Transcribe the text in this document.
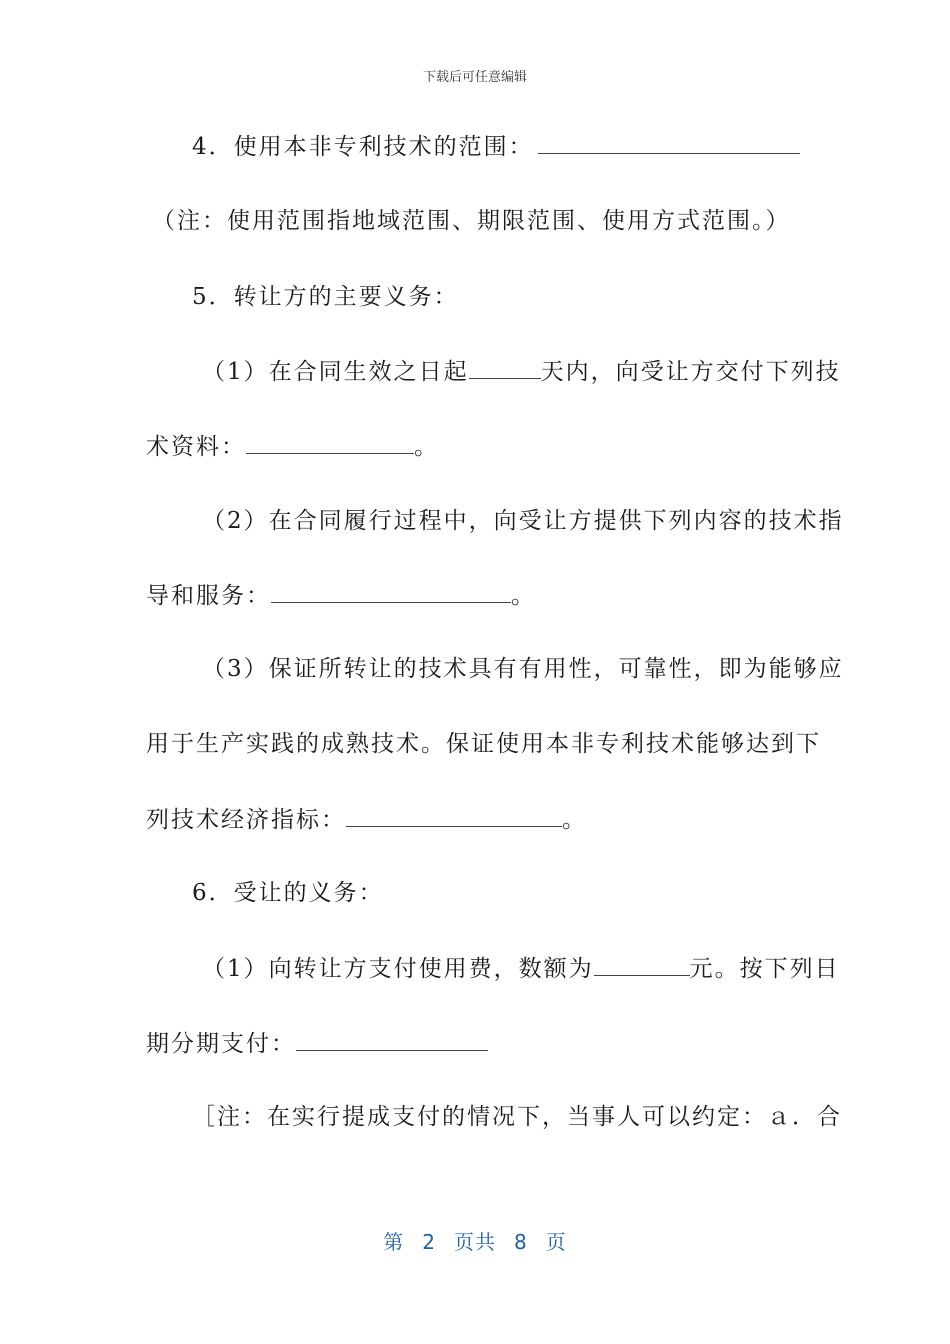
下载后可任意编辑
4．使用本非专利技术的范围：
（注：使用范围指地域范围、期限范围、使用方式范围。）
5．转让方的主要义务：
（1）在合同生效之日起	天内，向受让方交付下列技
术资料：	。
（2）在合同履行过程中，向受让方提供下列内容的技术指
导和服务：	。
（3）保证所转让的技术具有有用性，可靠性，即为能够应
用于生产实践的成熟技术。保证使用本非专利技术能够达到下
列技术经济指标：	。
6．受让的义务：
（1）向转让方支付使用费，数额为	元。按下列日
期分期支付：
［注：在实行提成支付的情况下，当事人可以约定：ａ．合
第 2 页共 8 页
